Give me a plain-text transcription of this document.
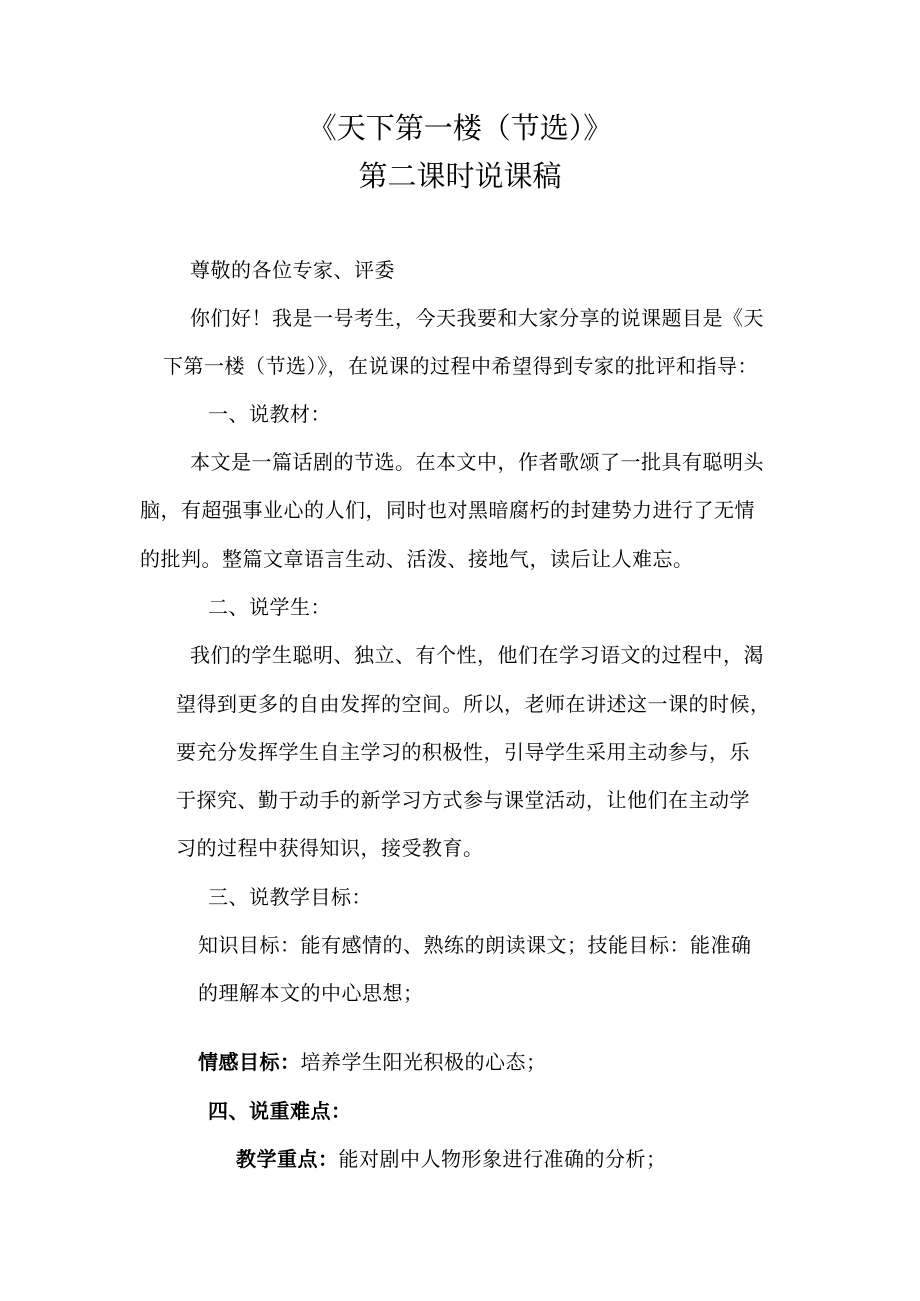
《天下第一楼（节选）》
第二课时说课稿
尊敬的各位专家、评委
你们好！我是一号考生，今天我要和大家分享的说课题目是《天
下第一楼（节选）》，在说课的过程中希望得到专家的批评和指导：
一、说教材：
本文是一篇话剧的节选。在本文中，作者歌颂了一批具有聪明头
脑，有超强事业心的人们，同时也对黑暗腐朽的封建势力进行了无情
的批判。整篇文章语言生动、活泼、接地气，读后让人难忘。
二、说学生：
我们的学生聪明、独立、有个性，他们在学习语文的过程中，渴
望得到更多的自由发挥的空间。所以，老师在讲述这一课的时候，
要充分发挥学生自主学习的积极性，引导学生采用主动参与，乐
于探究、勤于动手的新学习方式参与课堂活动，让他们在主动学
习的过程中获得知识，接受教育。
三、说教学目标：
知识目标：能有感情的、熟练的朗读课文；技能目标：能准确
的理解本文的中心思想；
情感目标：培养学生阳光积极的心态；
四、说重难点：
教学重点：能对剧中人物形象进行准确的分析；
